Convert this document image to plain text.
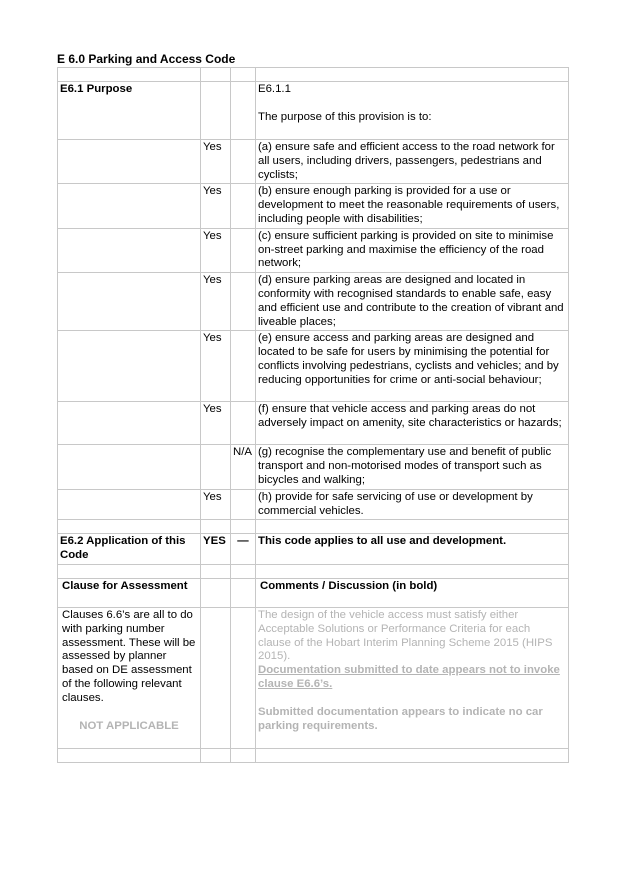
E 6.0 Parking and Access Code

E6.1 Purpose			E6.1.1
The purpose of this provision is to:

	Yes		(a) ensure safe and efficient access to the road network for all users, including drivers, passengers, pedestrians and cyclists;
	Yes		(b) ensure enough parking is provided for a use or development to meet the reasonable requirements of users, including people with disabilities;
	Yes		(c) ensure sufficient parking is provided on site to minimise on-street parking and maximise the efficiency of the road network;
	Yes		(d) ensure parking areas are designed and located in conformity with recognised standards to enable safe, easy and efficient use and contribute to the creation of vibrant and liveable places;
	Yes		(e) ensure access and parking areas are designed and located to be safe for users by minimising the potential for conflicts involving pedestrians, cyclists and vehicles; and by reducing opportunities for crime or anti-social behaviour;
	Yes		(f) ensure that vehicle access and parking areas do not adversely impact on amenity, site characteristics or hazards;
		N/A	(g) recognise the complementary use and benefit of public transport and non-motorised modes of transport such as bicycles and walking;
	Yes		(h) provide for safe servicing of use or development by commercial vehicles.

E6.2 Application of this Code	YES	—	This code applies to all use and development.

Clause for Assessment			Comments / Discussion (in bold)

Clauses 6.6’s are all to do with parking number assessment. These will be assessed by planner based on DE assessment of the following relevant clauses.
NOT APPLICABLE			The design of the vehicle access must satisfy either Acceptable Solutions or Performance Criteria for each clause of the Hobart Interim Planning Scheme 2015 (HIPS 2015).
Documentation submitted to date appears not to invoke clause E6.6’s.
Submitted documentation appears to indicate no car parking requirements.
